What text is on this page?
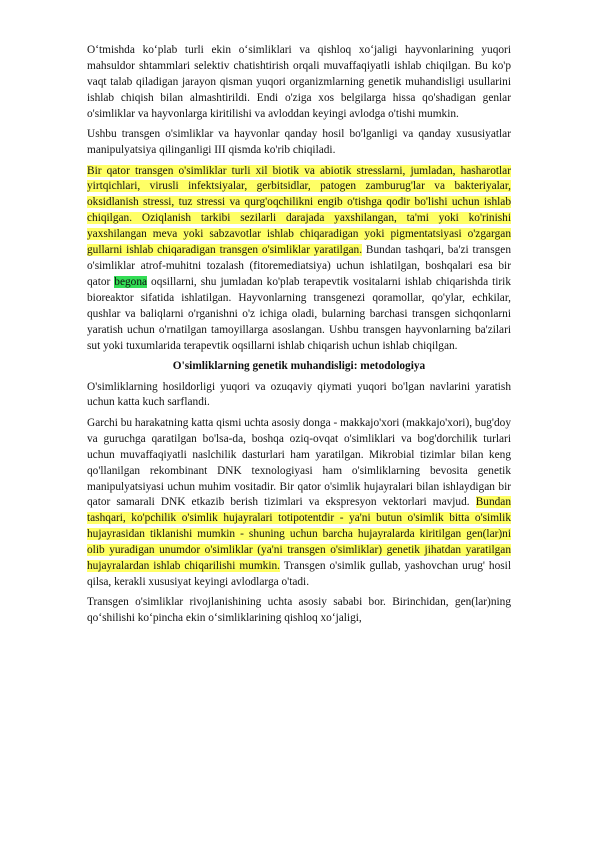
O‘tmishda ko‘plab turli ekin o‘simliklari va qishloq xo‘jaligi hayvonlarining yuqori mahsuldor shtammlari selektiv chatishtirish orqali muvaffaqiyatli ishlab chiqilgan. Bu ko'p vaqt talab qiladigan jarayon qisman yuqori organizmlarning genetik muhandisligi usullarini ishlab chiqish bilan almashtirildi. Endi o'ziga xos belgilarga hissa qo'shadigan genlar o'simliklar va hayvonlarga kiritilishi va avloddan keyingi avlodga o'tishi mumkin.

Ushbu transgen o'simliklar va hayvonlar qanday hosil bo'lganligi va qanday xususiyatlar manipulyatsiya qilinganligi III qismda ko'rib chiqiladi.

Bir qator transgen o'simliklar turli xil biotik va abiotik stresslarni, jumladan, hasharotlar yirtqichlari, virusli infektsiyalar, gerbitsidlar, patogen zamburug'lar va bakteriyalar, oksidlanish stressi, tuz stressi va qurg'oqchilikni engib o'tishga qodir bo'lishi uchun ishlab chiqilgan. Oziqlanish tarkibi sezilarli darajada yaxshilangan, ta'mi yoki ko'rinishi yaxshilangan meva yoki sabzavotlar ishlab chiqaradigan yoki pigmentatsiyasi o'zgargan gullarni ishlab chiqaradigan transgen o'simliklar yaratilgan. Bundan tashqari, ba'zi transgen o'simliklar atrof-muhitni tozalash (fitoremediatsiya) uchun ishlatilgan, boshqalari esa bir qator begona oqsillarni, shu jumladan ko'plab terapevtik vositalarni ishlab chiqarishda tirik bioreaktor sifatida ishlatilgan. Hayvonlarning transgenezi qoramollar, qo'ylar, echkilar, qushlar va baliqlarni o'rganishni o'z ichiga oladi, bularning barchasi transgen sichqonlarni yaratish uchun o'rnatilgan tamoyillarga asoslangan. Ushbu transgen hayvonlarning ba'zilari sut yoki tuxumlarida terapevtik oqsillarni ishlab chiqarish uchun ishlab chiqilgan.

O'simliklarning genetik muhandisligi: metodologiya

O'simliklarning hosildorligi yuqori va ozuqaviy qiymati yuqori bo'lgan navlarini yaratish uchun katta kuch sarflandi.

Garchi bu harakatning katta qismi uchta asosiy donga - makkajo'xori (makkajo'xori), bug'doy va guruchga qaratilgan bo'lsa-da, boshqa oziq-ovqat o'simliklari va bog'dorchilik turlari uchun muvaffaqiyatli naslchilik dasturlari ham yaratilgan. Mikrobial tizimlar bilan keng qo'llanilgan rekombinant DNK texnologiyasi ham o'simliklarning bevosita genetik manipulyatsiyasi uchun muhim vositadir. Bir qator o'simlik hujayralari bilan ishlaydigan bir qator samarali DNK etkazib berish tizimlari va ekspresyon vektorlari mavjud. Bundan tashqari, ko'pchilik o'simlik hujayralari totipotentdir - ya'ni butun o'simlik bitta o'simlik hujayrasidan tiklanishi mumkin - shuning uchun barcha hujayralarda kiritilgan gen(lar)ni olib yuradigan unumdor o'simliklar (ya'ni transgen o'simliklar) genetik jihatdan yaratilgan hujayralardan ishlab chiqarilishi mumkin. Transgen o'simlik gullab, yashovchan urug' hosil qilsa, kerakli xususiyat keyingi avlodlarga o'tadi.

Transgen o'simliklar rivojlanishining uchta asosiy sababi bor. Birinchidan, gen(lar)ning qo‘shilishi ko‘pincha ekin o‘simliklarining qishloq xo‘jaligi,
